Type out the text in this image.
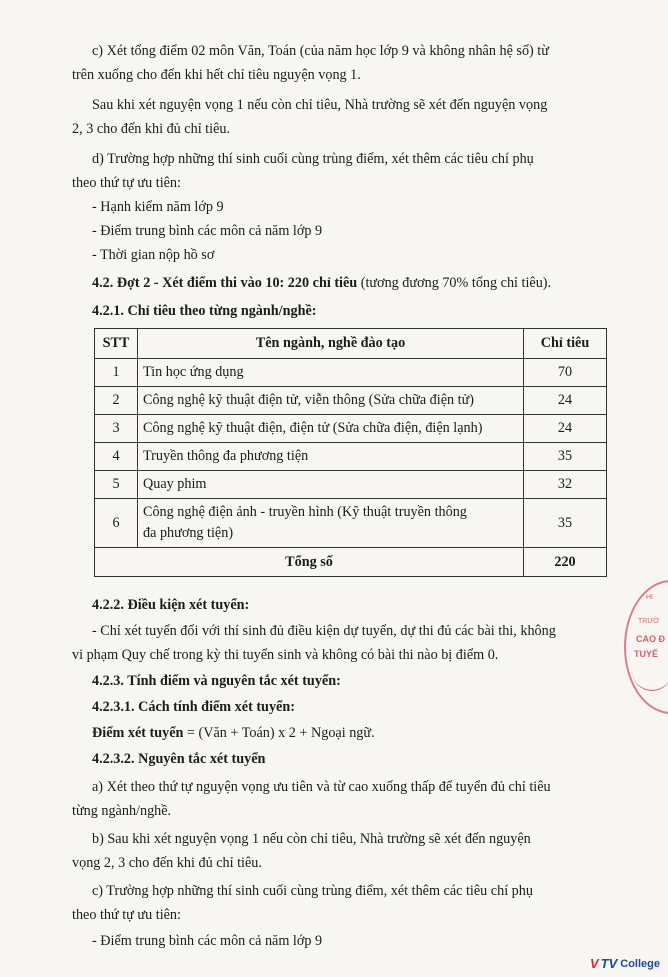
c) Xét tổng điểm 02 môn Văn, Toán (của năm học lớp 9 và không nhân hệ số) từ

trên xuống cho đến khi hết chỉ tiêu nguyện vọng 1.

Sau khi xét nguyện vọng 1 nếu còn chỉ tiêu, Nhà trường sẽ xét đến nguyện vọng

2, 3 cho đến khi đủ chỉ tiêu.

d) Trường hợp những thí sinh cuối cùng trùng điểm, xét thêm các tiêu chí phụ

theo thứ tự ưu tiên:

- Hạnh kiểm năm lớp 9

- Điểm trung bình các môn cả năm lớp 9

- Thời gian nộp hồ sơ

4.2. Đợt 2 - Xét điểm thi vào 10: 220 chỉ tiêu (tương đương 70% tổng chỉ tiêu).

4.2.1. Chỉ tiêu theo từng ngành/nghề:

STT	Tên ngành, nghề đào tạo	Chỉ tiêu
1	Tin học ứng dụng	70
2	Công nghệ kỹ thuật điện tử, viễn thông (Sửa chữa điện tử)	24
3	Công nghệ kỹ thuật điện, điện tử (Sửa chữa điện, điện lạnh)	24
4	Truyền thông đa phương tiện	35
5	Quay phim	32
6	Công nghệ điện ảnh - truyền hình (Kỹ thuật truyền thông
đa phương tiện)	35
Tổng số		220

4.2.2. Điều kiện xét tuyển:

- Chỉ xét tuyển đối với thí sinh đủ điều kiện dự tuyển, dự thi đủ các bài thi, không

vi phạm Quy chế trong kỳ thi tuyển sinh và không có bài thi nào bị điểm 0.

4.2.3. Tính điểm và nguyên tắc xét tuyển:

4.2.3.1. Cách tính điểm xét tuyển:

Điểm xét tuyển = (Văn + Toán) x 2 + Ngoại ngữ.

4.2.3.2. Nguyên tắc xét tuyển

a) Xét theo thứ tự nguyện vọng ưu tiên và từ cao xuống thấp để tuyển đủ chỉ tiêu

từng ngành/nghề.

b) Sau khi xét nguyện vọng 1 nếu còn chỉ tiêu, Nhà trường sẽ xét đến nguyện

vọng 2, 3 cho đến khi đủ chỉ tiêu.

c) Trường hợp những thí sinh cuối cùng trùng điểm, xét thêm các tiêu chí phụ

theo thứ tự ưu tiên:

- Điểm trung bình các môn cả năm lớp 9

HI
TRƯỜ
CAO Đ
TUYỂ
V TV College
